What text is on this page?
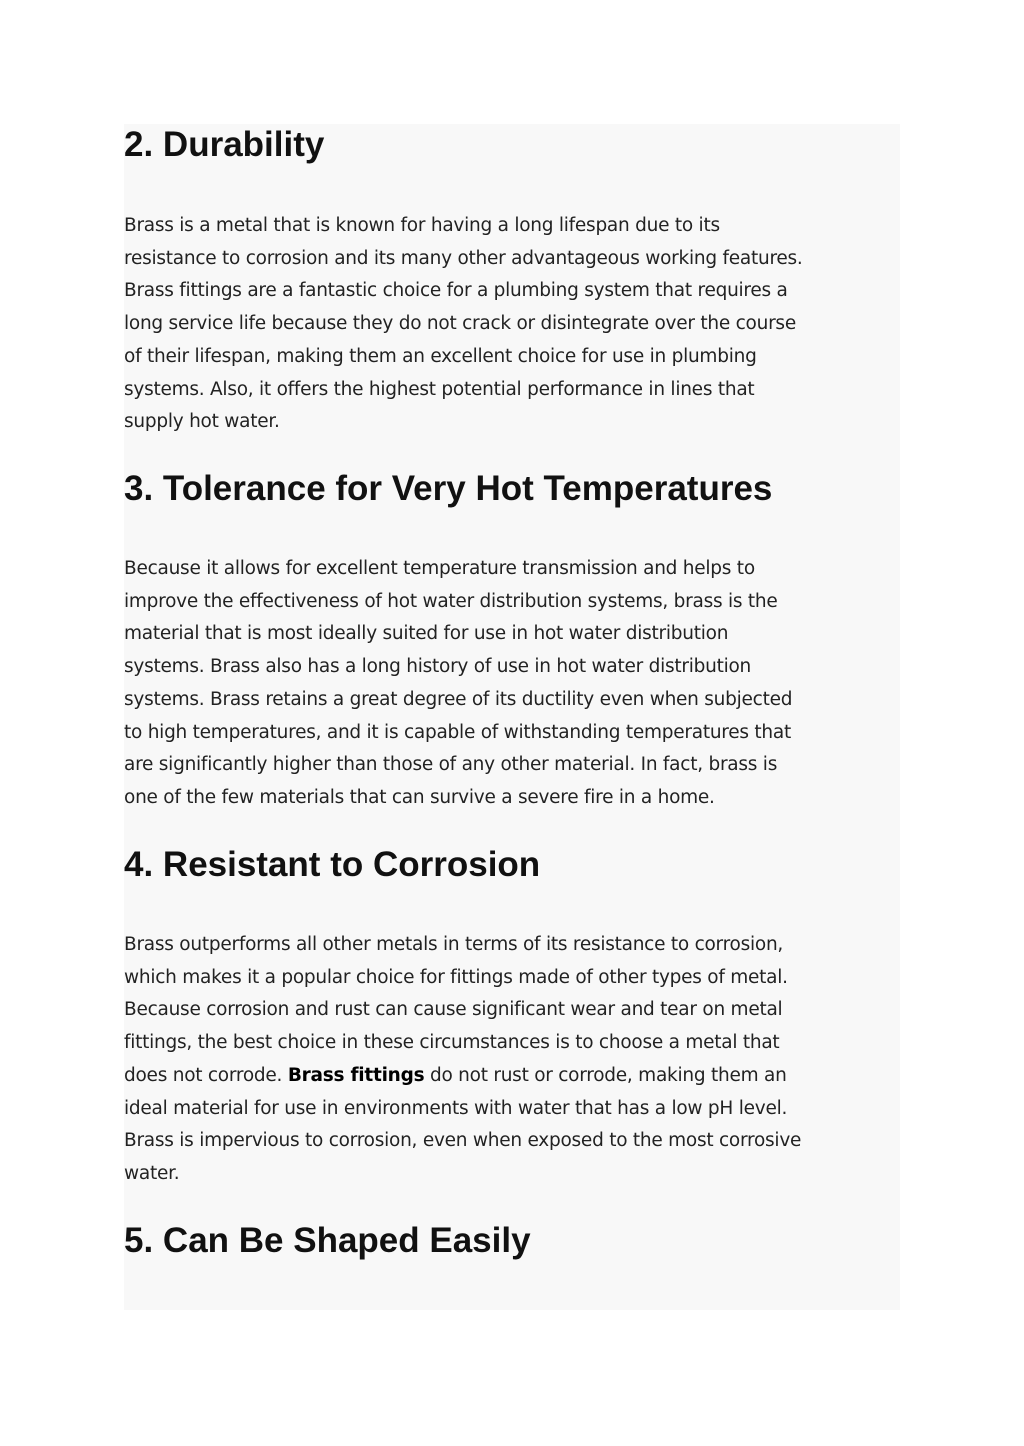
2. Durability

Brass is a metal that is known for having a long lifespan due to its
resistance to corrosion and its many other advantageous working features.
Brass fittings are a fantastic choice for a plumbing system that requires a
long service life because they do not crack or disintegrate over the course
of their lifespan, making them an excellent choice for use in plumbing
systems. Also, it offers the highest potential performance in lines that
supply hot water.

3. Tolerance for Very Hot Temperatures

Because it allows for excellent temperature transmission and helps to
improve the effectiveness of hot water distribution systems, brass is the
material that is most ideally suited for use in hot water distribution
systems. Brass also has a long history of use in hot water distribution
systems. Brass retains a great degree of its ductility even when subjected
to high temperatures, and it is capable of withstanding temperatures that
are significantly higher than those of any other material. In fact, brass is
one of the few materials that can survive a severe fire in a home.

4. Resistant to Corrosion

Brass outperforms all other metals in terms of its resistance to corrosion,
which makes it a popular choice for fittings made of other types of metal.
Because corrosion and rust can cause significant wear and tear on metal
fittings, the best choice in these circumstances is to choose a metal that
does not corrode. Brass fittings do not rust or corrode, making them an
ideal material for use in environments with water that has a low pH level.
Brass is impervious to corrosion, even when exposed to the most corrosive
water.

5. Can Be Shaped Easily
